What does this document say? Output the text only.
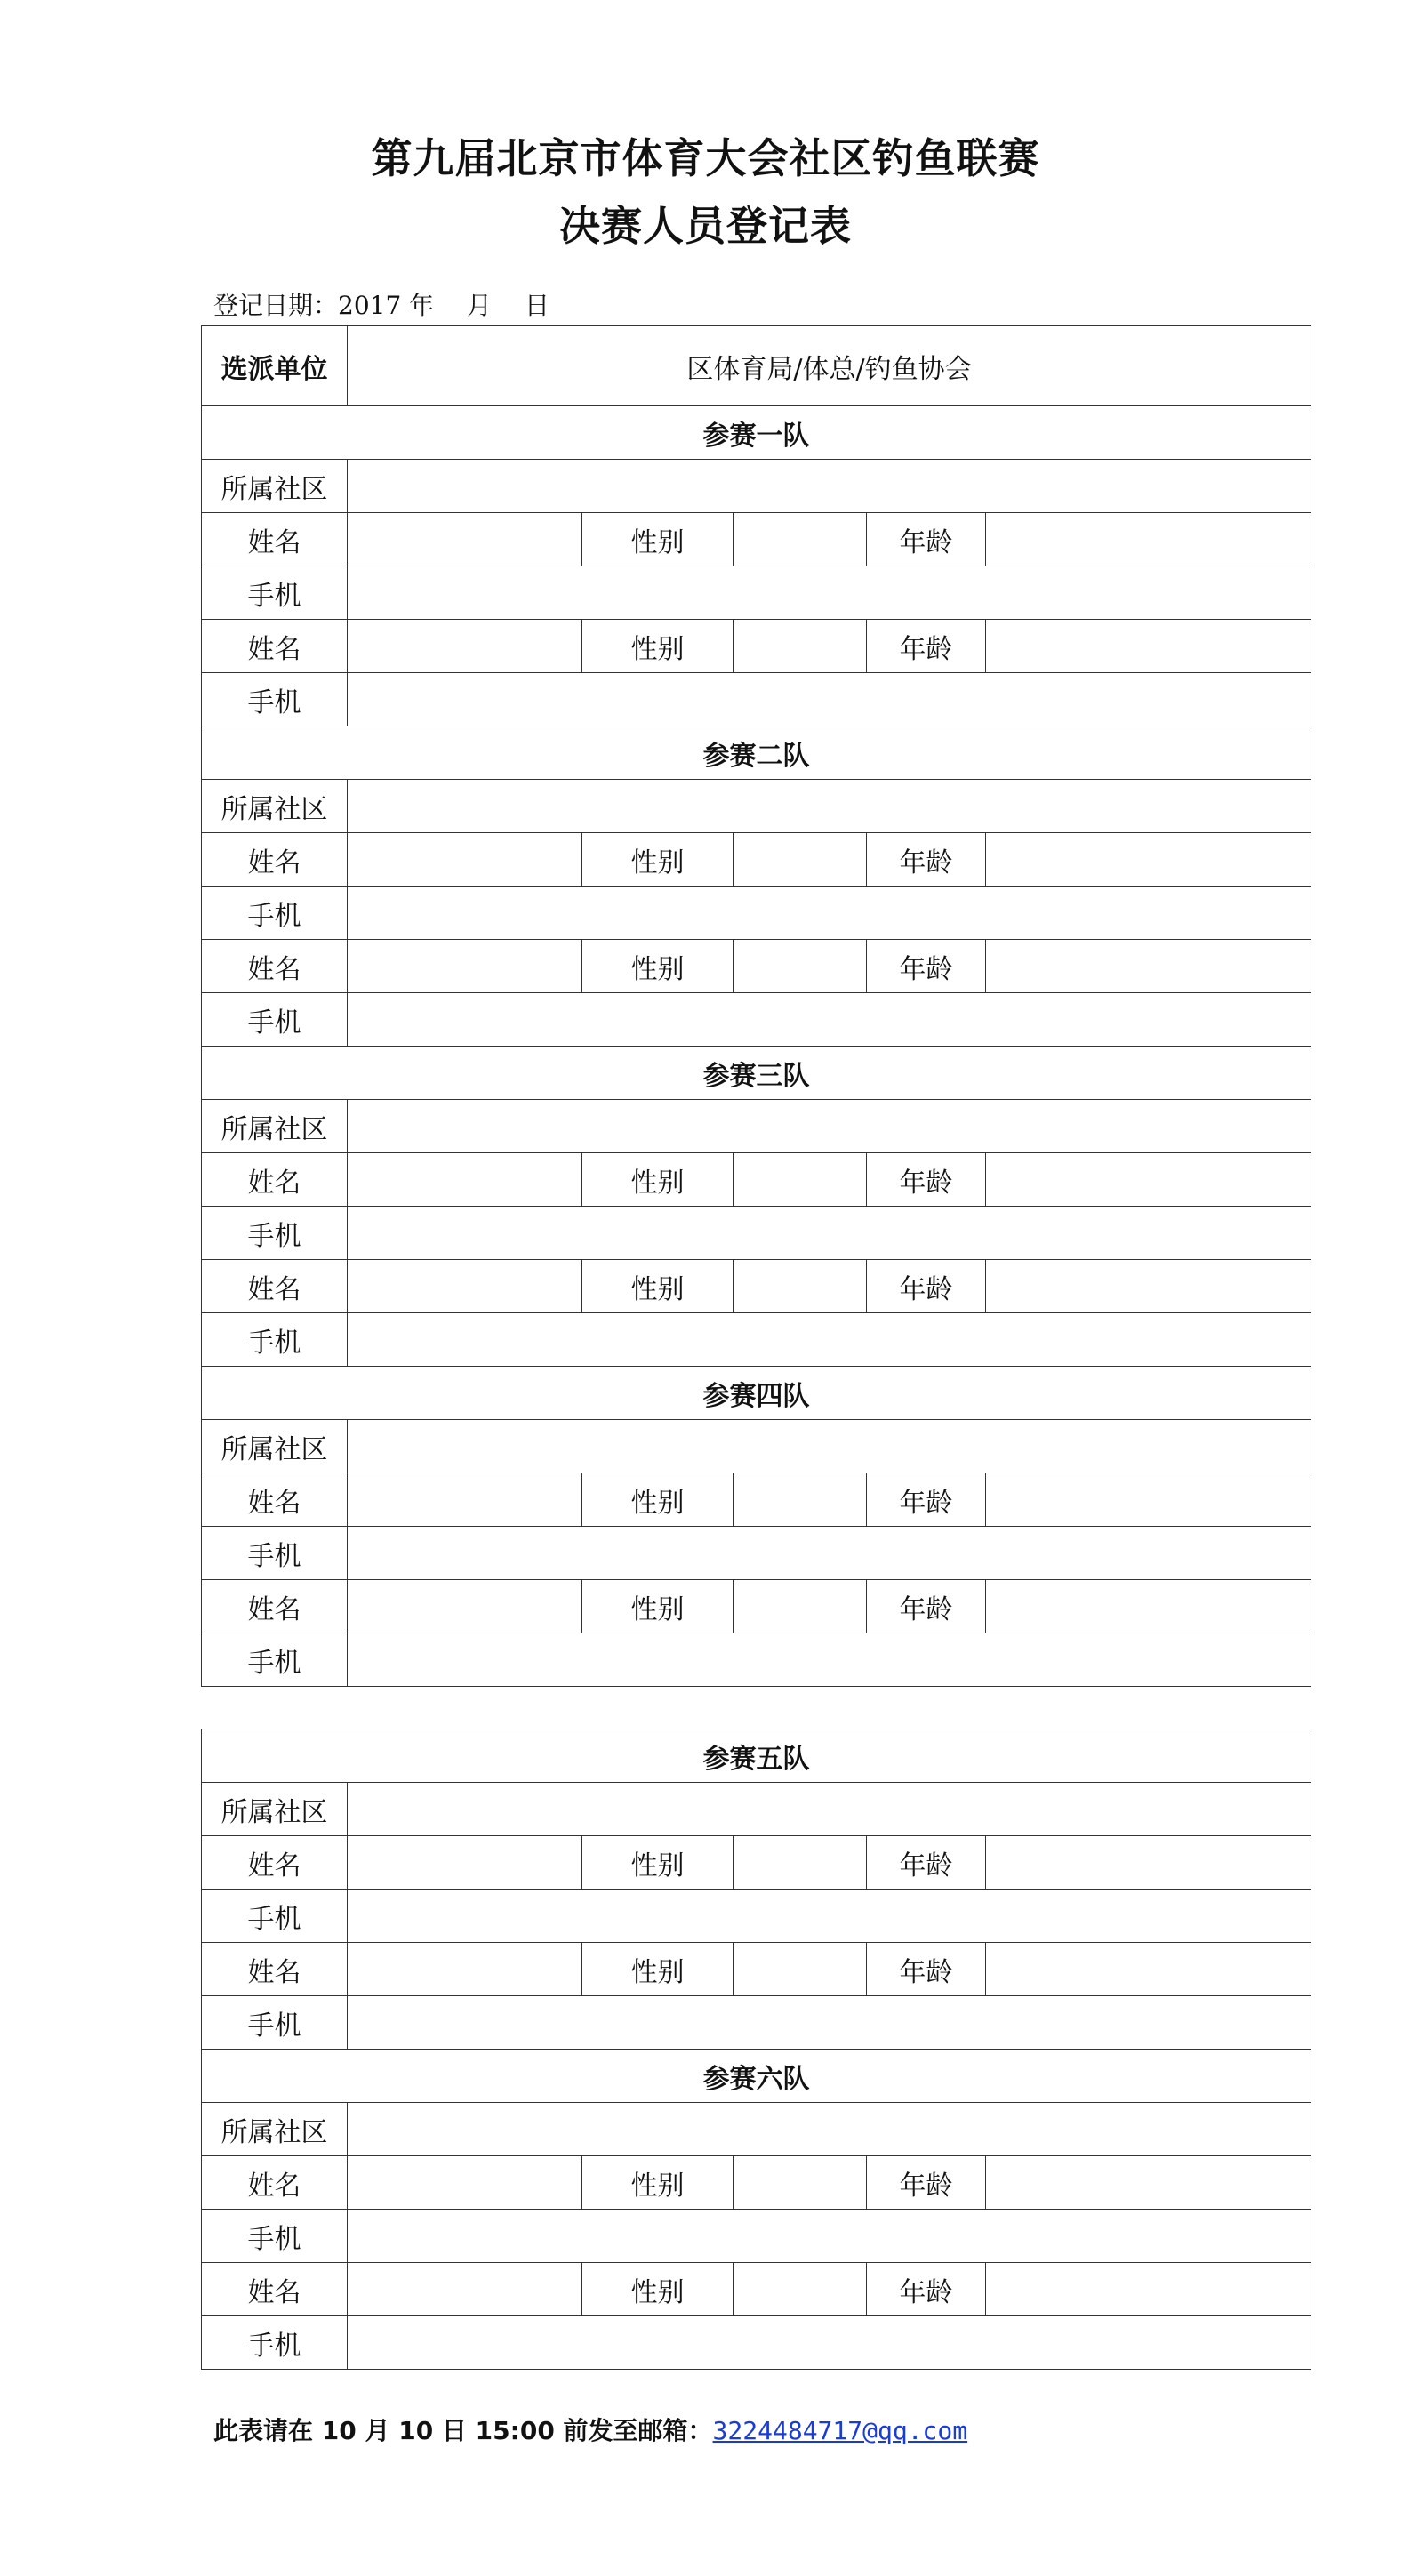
第九届北京市体育大会社区钓鱼联赛
决赛人员登记表
登记日期：2017 年　 月　 日
选派单位	区体育局/体总/钓鱼协会				
参赛一队					
所属社区					
姓名		性别		年龄	
手机					
姓名		性别		年龄	
手机					
参赛二队					
所属社区					
姓名		性别		年龄	
手机					
姓名		性别		年龄	
手机					
参赛三队					
所属社区					
姓名		性别		年龄	
手机					
姓名		性别		年龄	
手机					
参赛四队					
所属社区					
姓名		性别		年龄	
手机					
姓名		性别		年龄	
手机					
参赛五队					
所属社区					
姓名		性别		年龄	
手机					
姓名		性别		年龄	
手机					
参赛六队					
所属社区					
姓名		性别		年龄	
手机					
姓名		性别		年龄	
手机					
此表请在 10 月 10 日 15:00 前发至邮箱：3224484717@qq.com
